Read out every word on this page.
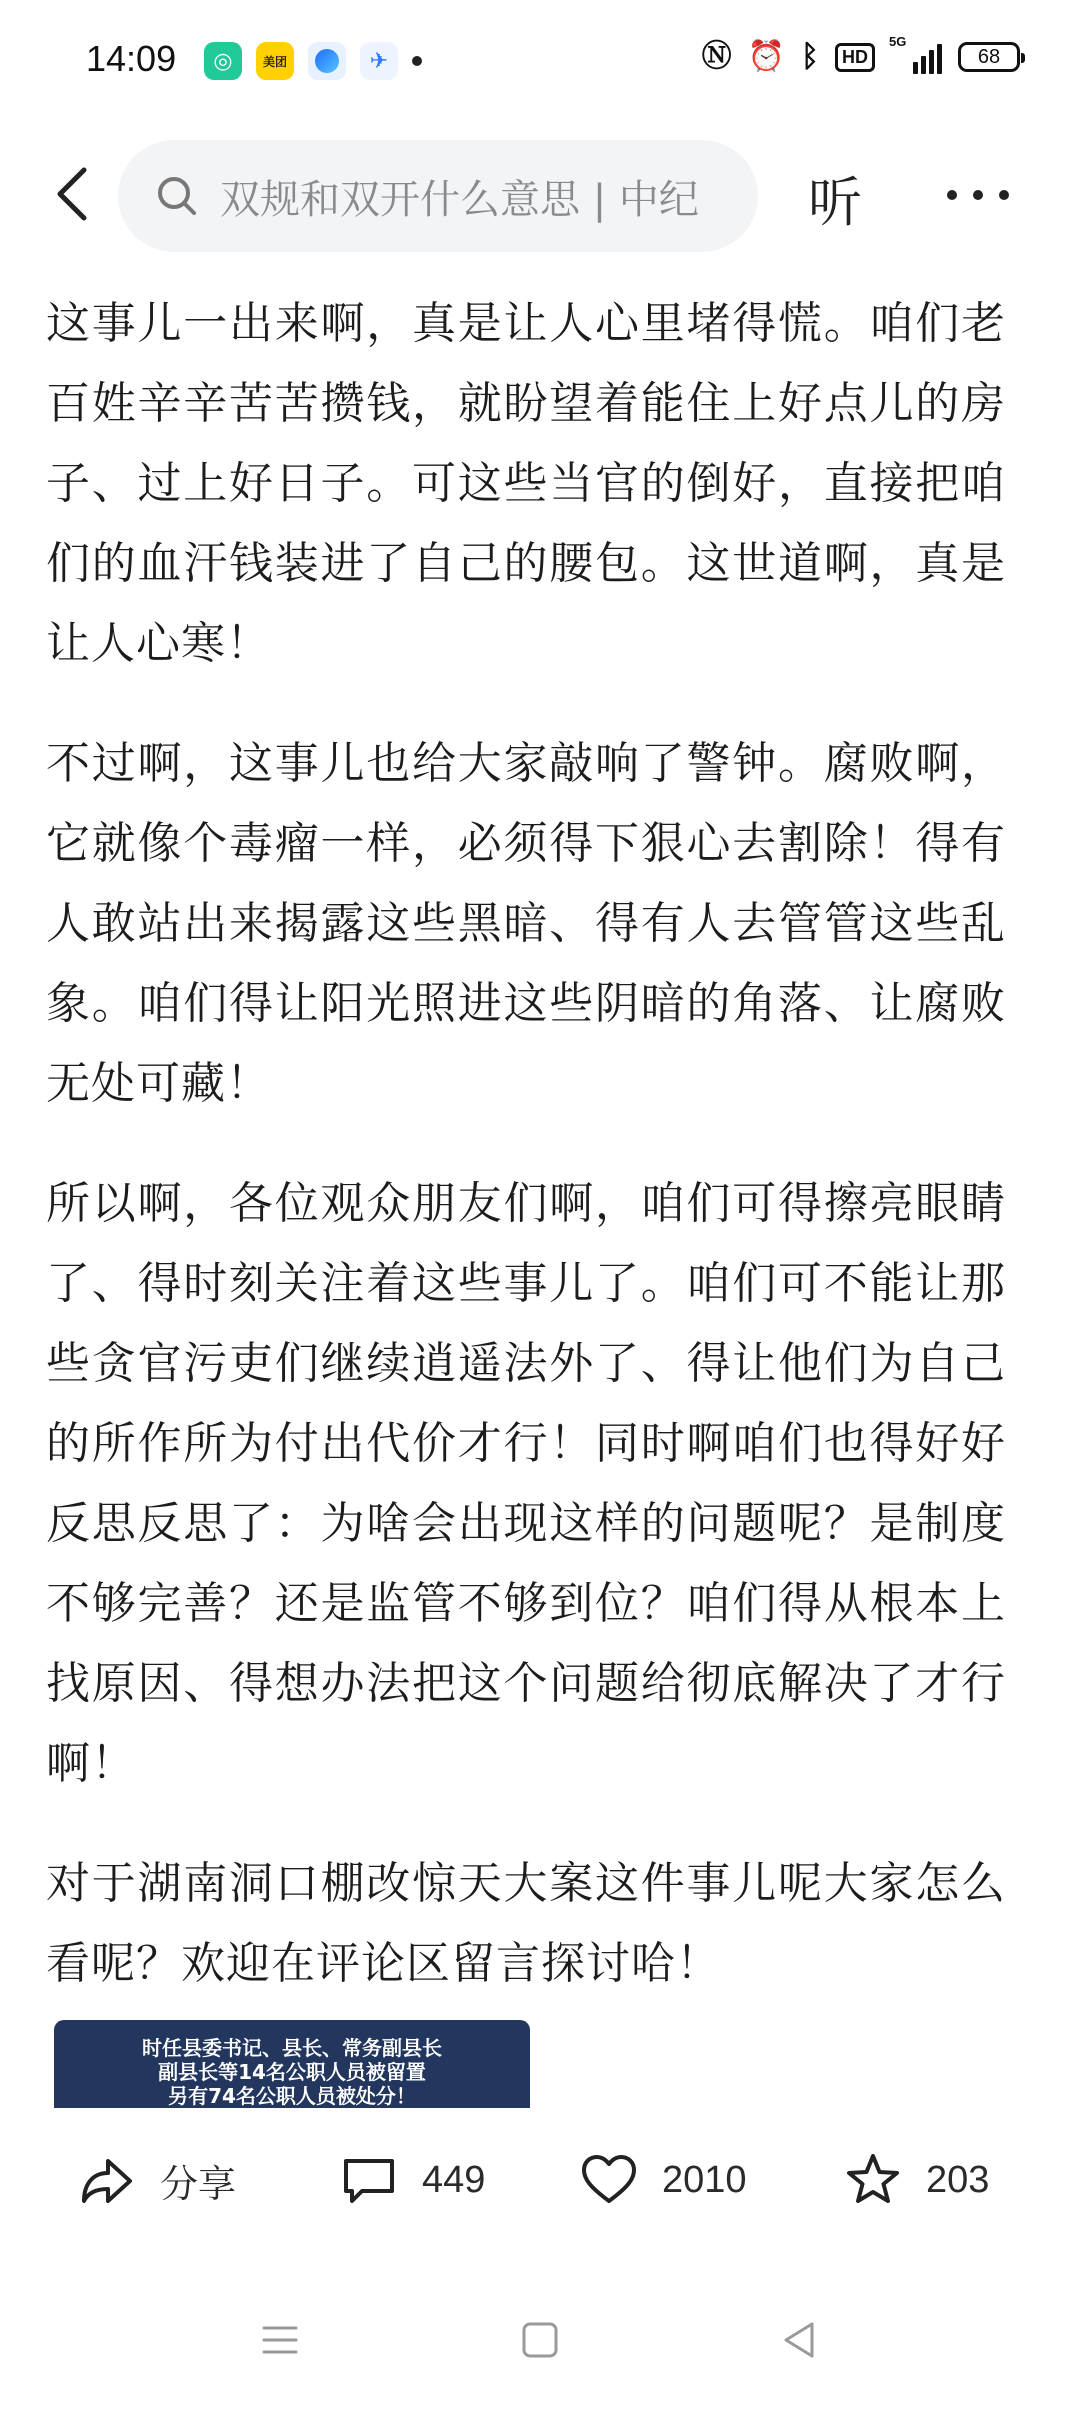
14:09	◎	美团	✈	Ⓝ ⏰ ᛒ	HD
5G
68
双规和双开什么意思 | 中纪	听

这事儿一出来啊，真是让人心里堵得慌。咱们老百姓辛辛苦苦攒钱，就盼望着能住上好点儿的房子、过上好日子。可这些当官的倒好，直接把咱们的血汗钱装进了自己的腰包。这世道啊，真是让人心寒！

不过啊，这事儿也给大家敲响了警钟。腐败啊，它就像个毒瘤一样，必须得下狠心去割除！得有人敢站出来揭露这些黑暗、得有人去管管这些乱象。咱们得让阳光照进这些阴暗的角落、让腐败无处可藏！

所以啊，各位观众朋友们啊，咱们可得擦亮眼睛了、得时刻关注着这些事儿了。咱们可不能让那些贪官污吏们继续逍遥法外了、得让他们为自己的所作所为付出代价才行！同时啊咱们也得好好反思反思了：为啥会出现这样的问题呢？是制度不够完善？还是监管不够到位？咱们得从根本上找原因、得想办法把这个问题给彻底解决了才行啊！

对于湖南洞口棚改惊天大案这件事儿呢大家怎么看呢？欢迎在评论区留言探讨哈！

时任县委书记、县长、常务副县长
副县长等14名公职人员被留置
另有74名公职人员被处分！
分享	449	2010	203
